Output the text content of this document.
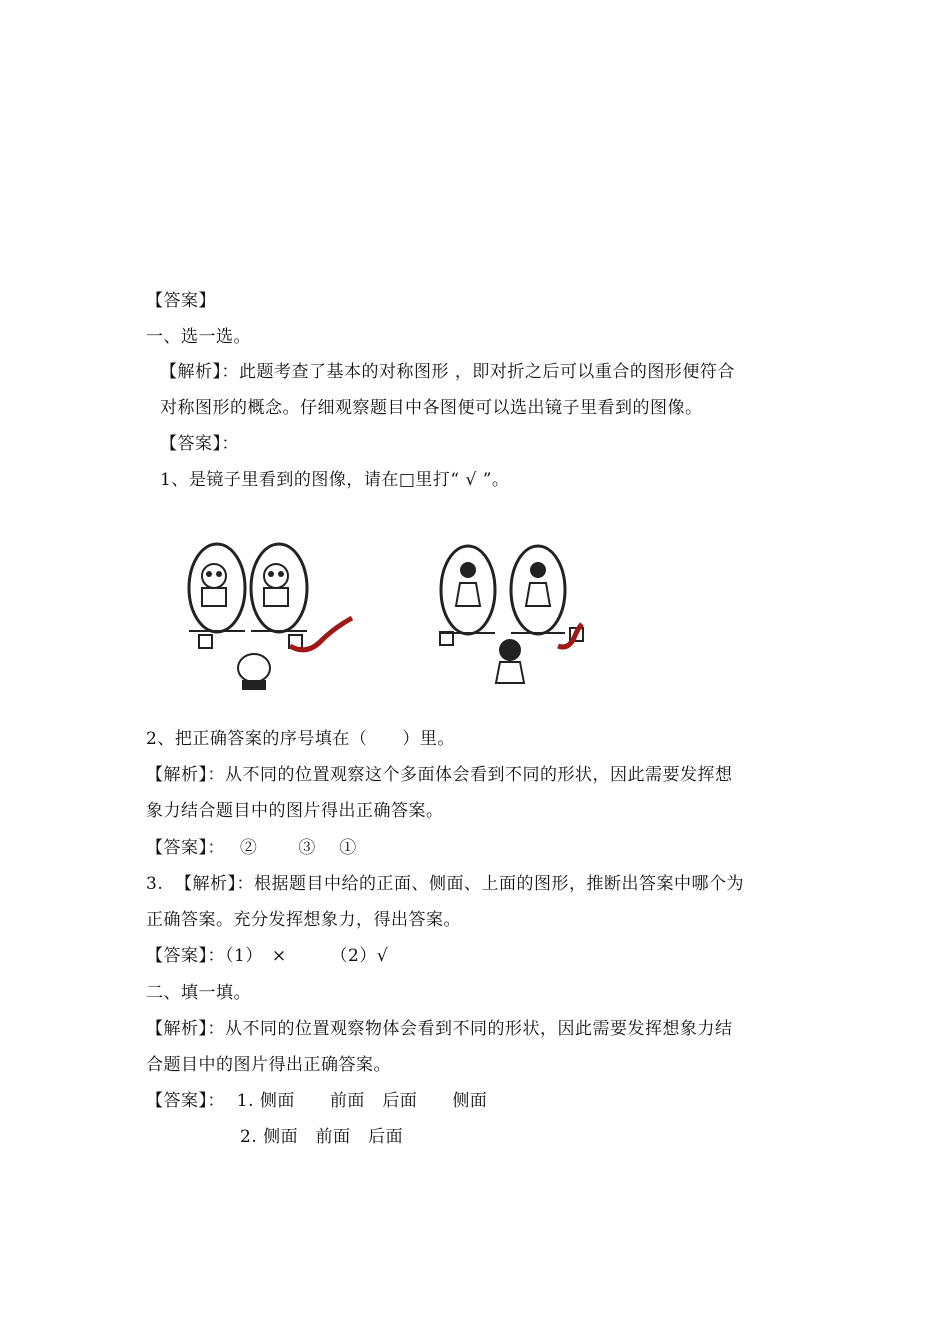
【答案】
一、选一选。
【解析】：此题考查了基本的对称图形 ，即对折之后可以重合的图形便符合
对称图形的概念。仔细观察题目中各图便可以选出镜子里看到的图像。
【答案】：
1、是镜子里看到的图像，请在□里打“ √ ”。
2、把正确答案的序号填在（　　）里。
【解析】：从不同的位置观察这个多面体会看到不同的形状，因此需要发挥想
象力结合题目中的图片得出正确答案。
【答案】：　 ②　　 ③　 ①
3.  【解析】：根据题目中给的正面、侧面、上面的图形，推断出答案中哪个为
正确答案。充分发挥想象力，得出答案。
【答案】：（1）　×　　　（2）√
二、填一填。
【解析】：从不同的位置观察物体会看到不同的形状，因此需要发挥想象力结
合题目中的图片得出正确答案。
【答案】：  1. 侧面　　前面　后面　　侧面
2. 侧面　前面　后面
